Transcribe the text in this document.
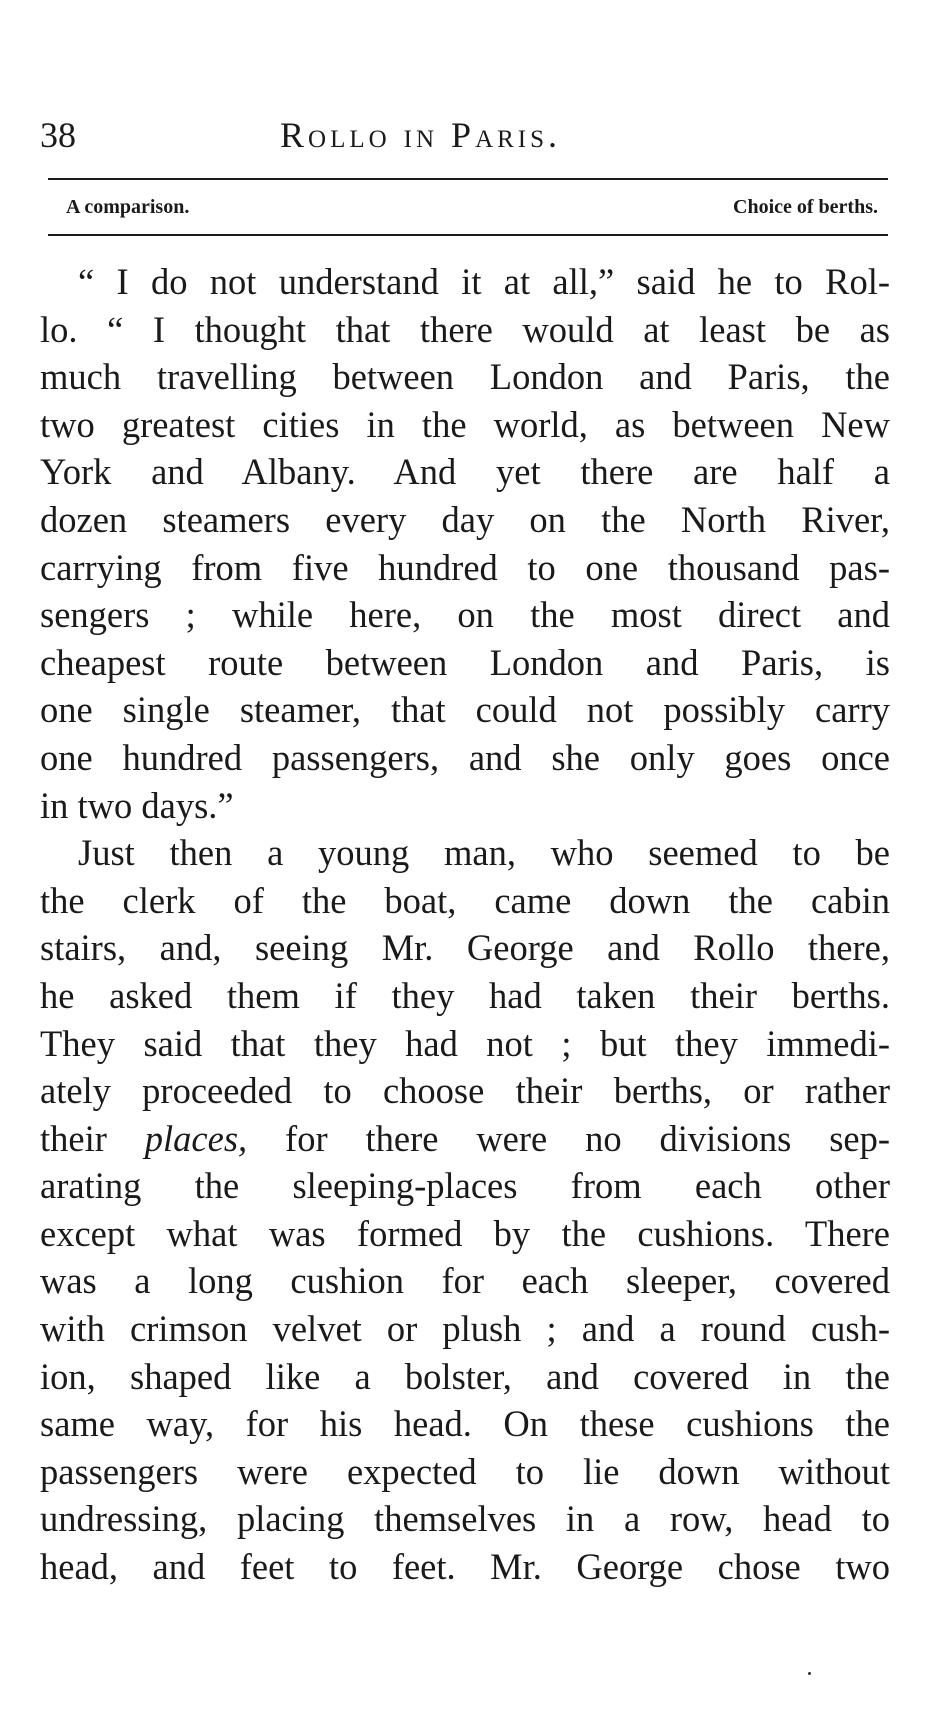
38	Rollo in Paris.
A comparison.	Choice of berths.
“ I do not understand it at all,” said he to Rol-
lo. “ I thought that there would at least be as
much travelling between London and Paris, the
two greatest cities in the world, as between New
York and Albany. And yet there are half a
dozen steamers every day on the North River,
carrying from five hundred to one thousand pas-
sengers ; while here, on the most direct and
cheapest route between London and Paris, is
one single steamer, that could not possibly carry
one hundred passengers, and she only goes once
in two days.”
Just then a young man, who seemed to be
the clerk of the boat, came down the cabin
stairs, and, seeing Mr. George and Rollo there,
he asked them if they had taken their berths.
They said that they had not ; but they immedi-
ately proceeded to choose their berths, or rather
their places, for there were no divisions sep-
arating the sleeping-places from each other
except what was formed by the cushions. There
was a long cushion for each sleeper, covered
with crimson velvet or plush ; and a round cush-
ion, shaped like a bolster, and covered in the
same way, for his head. On these cushions the
passengers were expected to lie down without
undressing, placing themselves in a row, head to
head, and feet to feet. Mr. George chose two
